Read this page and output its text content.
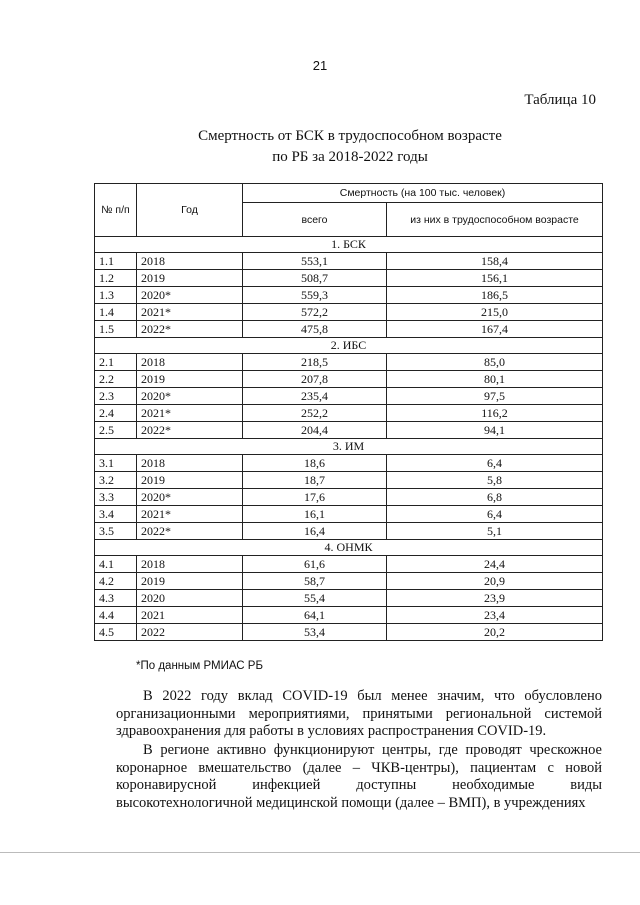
21
Таблица 10
Смертность от БСК в трудоспособном возрасте
по РБ за 2018-2022 годы
№ п/п	Год	Смертность (на 100 тыс. человек)	
		всего	из них в трудоспособном возрасте
1. БСК			
1.1	2018	553,1	158,4
1.2	2019	508,7	156,1
1.3	2020*	559,3	186,5
1.4	2021*	572,2	215,0
1.5	2022*	475,8	167,4
2. ИБС			
2.1	2018	218,5	85,0
2.2	2019	207,8	80,1
2.3	2020*	235,4	97,5
2.4	2021*	252,2	116,2
2.5	2022*	204,4	94,1
3. ИМ			
3.1	2018	18,6	6,4
3.2	2019	18,7	5,8
3.3	2020*	17,6	6,8
3.4	2021*	16,1	6,4
3.5	2022*	16,4	5,1
4. ОНМК			
4.1	2018	61,6	24,4
4.2	2019	58,7	20,9
4.3	2020	55,4	23,9
4.4	2021	64,1	23,4
4.5	2022	53,4	20,2
*По данным РМИАС РБ
В 2022 году вклад COVID-19 был менее значим, что обусловлено организационными мероприятиями, принятыми региональной системой здравоохранения для работы в условиях распространения COVID-19.
В регионе активно функционируют центры, где проводят чрескожное коронарное вмешательство (далее – ЧКВ-центры), пациентам с новой коронавирусной инфекцией доступны необходимые виды высокотехнологичной медицинской помощи (далее – ВМП), в учреждениях
